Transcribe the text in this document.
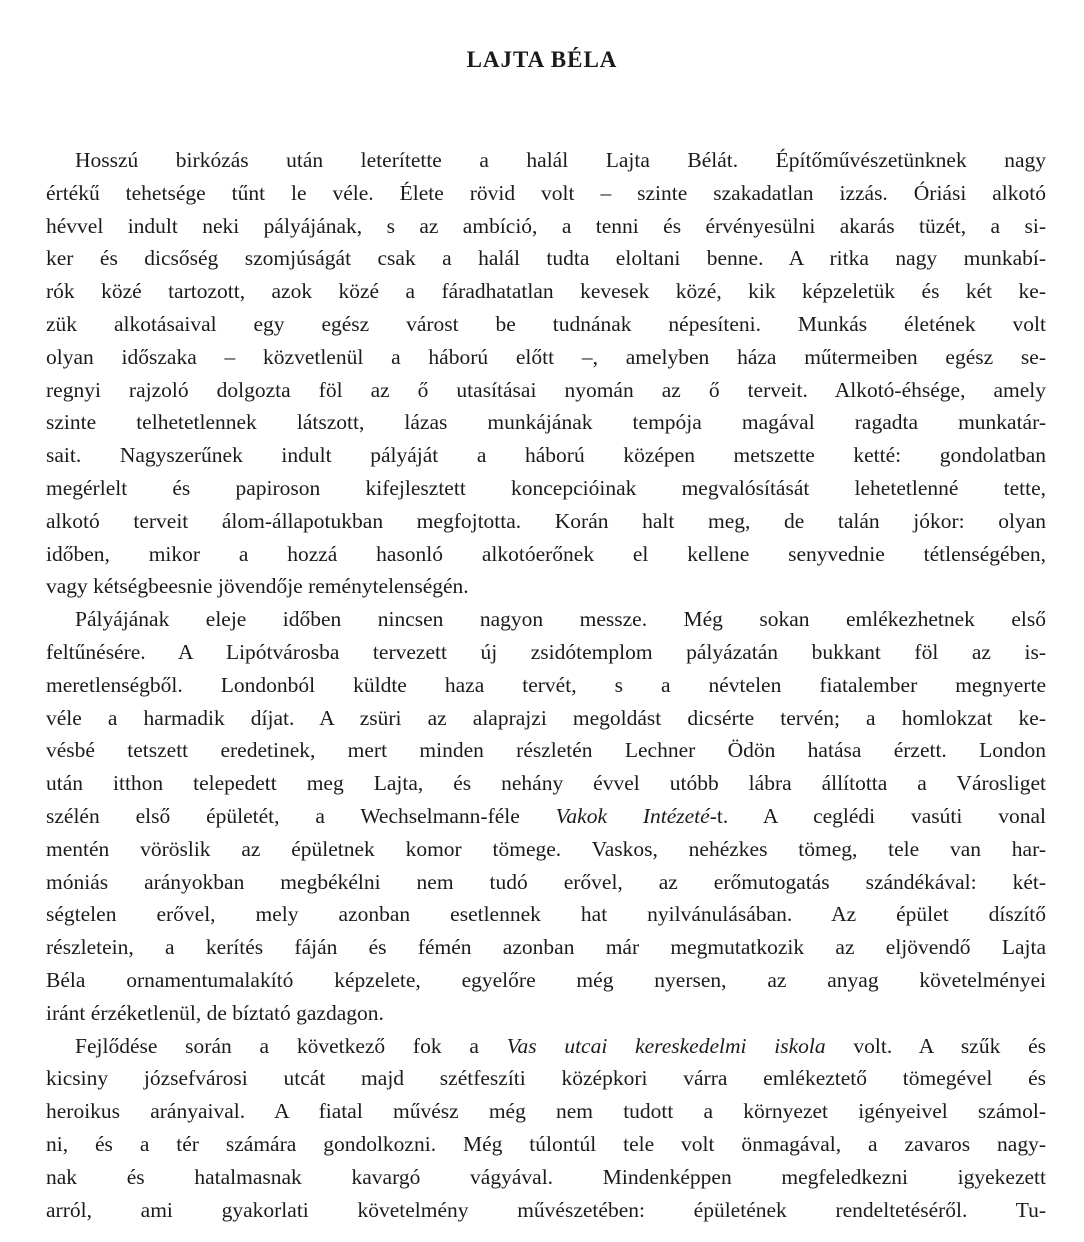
LAJTA BÉLA
Hosszú birkózás után leterítette a halál Lajta Bélát. Építőművészetünknek nagy
értékű tehetsége tűnt le véle. Élete rövid volt – szinte szakadatlan izzás. Óriási alkotó
hévvel indult neki pályájának, s az ambíció, a tenni és érvényesülni akarás tüzét, a si-
ker és dicsőség szomjúságát csak a halál tudta eloltani benne. A ritka nagy munkabí-
rók közé tartozott, azok közé a fáradhatatlan kevesek közé, kik képzeletük és két ke-
zük alkotásaival egy egész várost be tudnának népesíteni. Munkás életének volt
olyan időszaka – közvetlenül a háború előtt –, amelyben háza műtermeiben egész se-
regnyi rajzoló dolgozta föl az ő utasításai nyomán az ő terveit. Alkotó-éhsége, amely
szinte telhetetlennek látszott, lázas munkájának tempója magával ragadta munkatár-
sait. Nagyszerűnek indult pályáját a háború középen metszette ketté: gondolatban
megérlelt és papiroson kifejlesztett koncepcióinak megvalósítását lehetetlenné tette,
alkotó terveit álom-állapotukban megfojtotta. Korán halt meg, de talán jókor: olyan
időben, mikor a hozzá hasonló alkotóerőnek el kellene senyvednie tétlenségében,
vagy kétségbeesnie jövendője reménytelenségén.
Pályájának eleje időben nincsen nagyon messze. Még sokan emlékezhetnek első
feltűnésére. A Lipótvárosba tervezett új zsidótemplom pályázatán bukkant föl az is-
meretlenségből. Londonból küldte haza tervét, s a névtelen fiatalember megnyerte
véle a harmadik díjat. A zsüri az alaprajzi megoldást dicsérte tervén; a homlokzat ke-
vésbé tetszett eredetinek, mert minden részletén Lechner Ödön hatása érzett. London
után itthon telepedett meg Lajta, és nehány évvel utóbb lábra állította a Városliget
szélén első épületét, a Wechselmann-féle Vakok Intézeté-t. A ceglédi vasúti vonal
mentén vöröslik az épületnek komor tömege. Vaskos, nehézkes tömeg, tele van har-
móniás arányokban megbékélni nem tudó erővel, az erőmutogatás szándékával: két-
ségtelen erővel, mely azonban esetlennek hat nyilvánulásában. Az épület díszítő
részletein, a kerítés fáján és fémén azonban már megmutatkozik az eljövendő Lajta
Béla ornamentumalakító képzelete, egyelőre még nyersen, az anyag követelményei
iránt érzéketlenül, de bíztató gazdagon.
Fejlődése során a következő fok a Vas utcai kereskedelmi iskola volt. A szűk és
kicsiny józsefvárosi utcát majd szétfeszíti középkori várra emlékeztető tömegével és
heroikus arányaival. A fiatal művész még nem tudott a környezet igényeivel számol-
ni, és a tér számára gondolkozni. Még túlontúl tele volt önmagával, a zavaros nagy-
nak és hatalmasnak kavargó vágyával. Mindenképpen megfeledkezni igyekezett
arról, ami gyakorlati követelmény művészetében: épületének rendeltetéséről. Tu-
